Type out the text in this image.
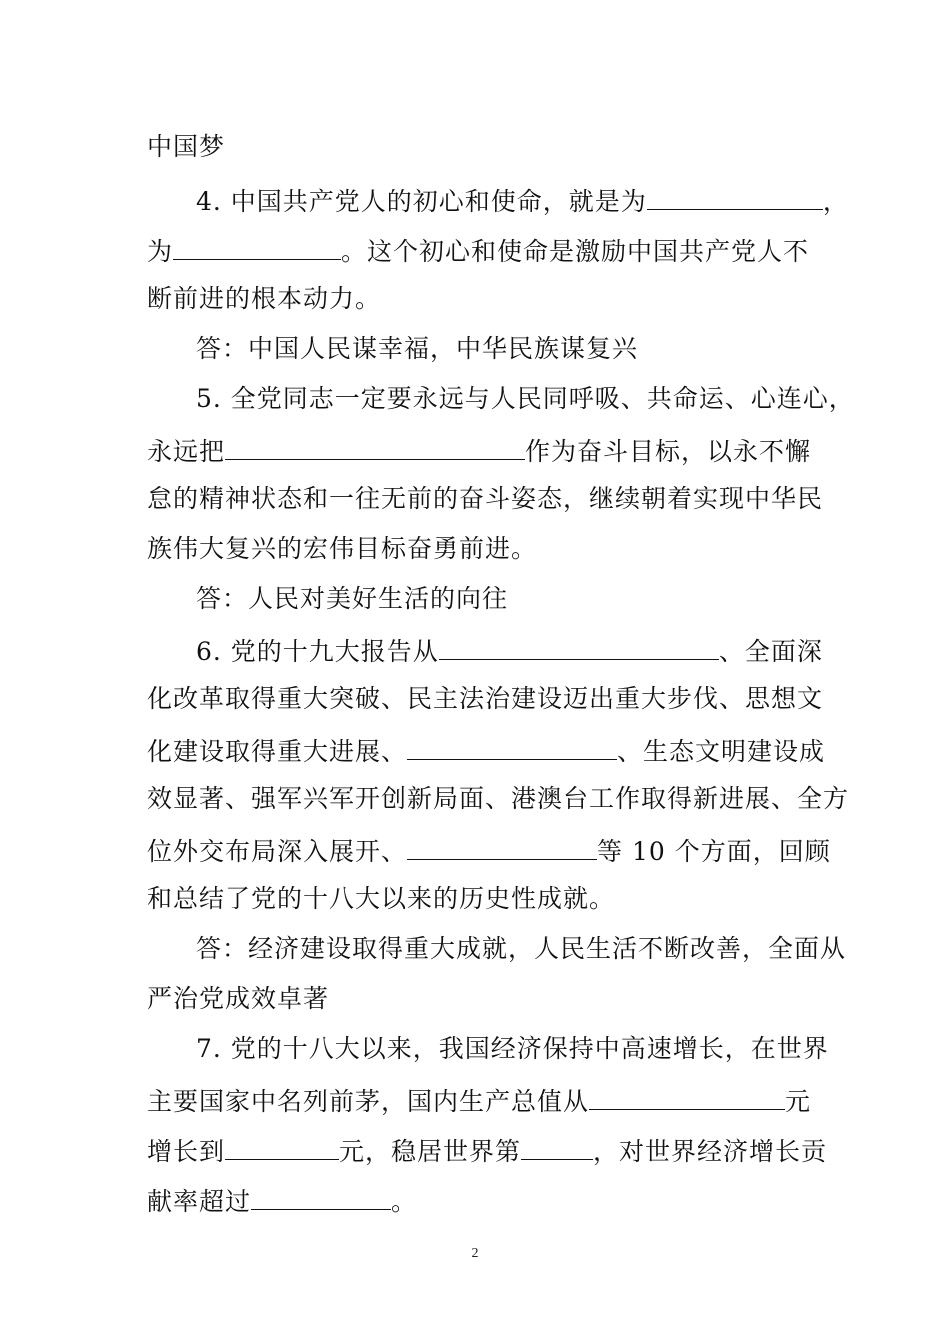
中国梦
4. 中国共产党人的初心和使命，就是为	，
为	。这个初心和使命是激励中国共产党人不
断前进的根本动力。
答：中国人民谋幸福，中华民族谋复兴
5. 全党同志一定要永远与人民同呼吸、共命运、心连心，
永远把	作为奋斗目标，以永不懈
怠的精神状态和一往无前的奋斗姿态，继续朝着实现中华民
族伟大复兴的宏伟目标奋勇前进。
答：人民对美好生活的向往
6. 党的十九大报告从	、全面深
化改革取得重大突破、民主法治建设迈出重大步伐、思想文
化建设取得重大进展、	、生态文明建设成
效显著、强军兴军开创新局面、港澳台工作取得新进展、全方
位外交布局深入展开、	等 10 个方面，回顾
和总结了党的十八大以来的历史性成就。
答：经济建设取得重大成就，人民生活不断改善，全面从
严治党成效卓著
7. 党的十八大以来，我国经济保持中高速增长，在世界
主要国家中名列前茅，国内生产总值从	元
增长到	元，稳居世界第	，对世界经济增长贡
献率超过	。
2
